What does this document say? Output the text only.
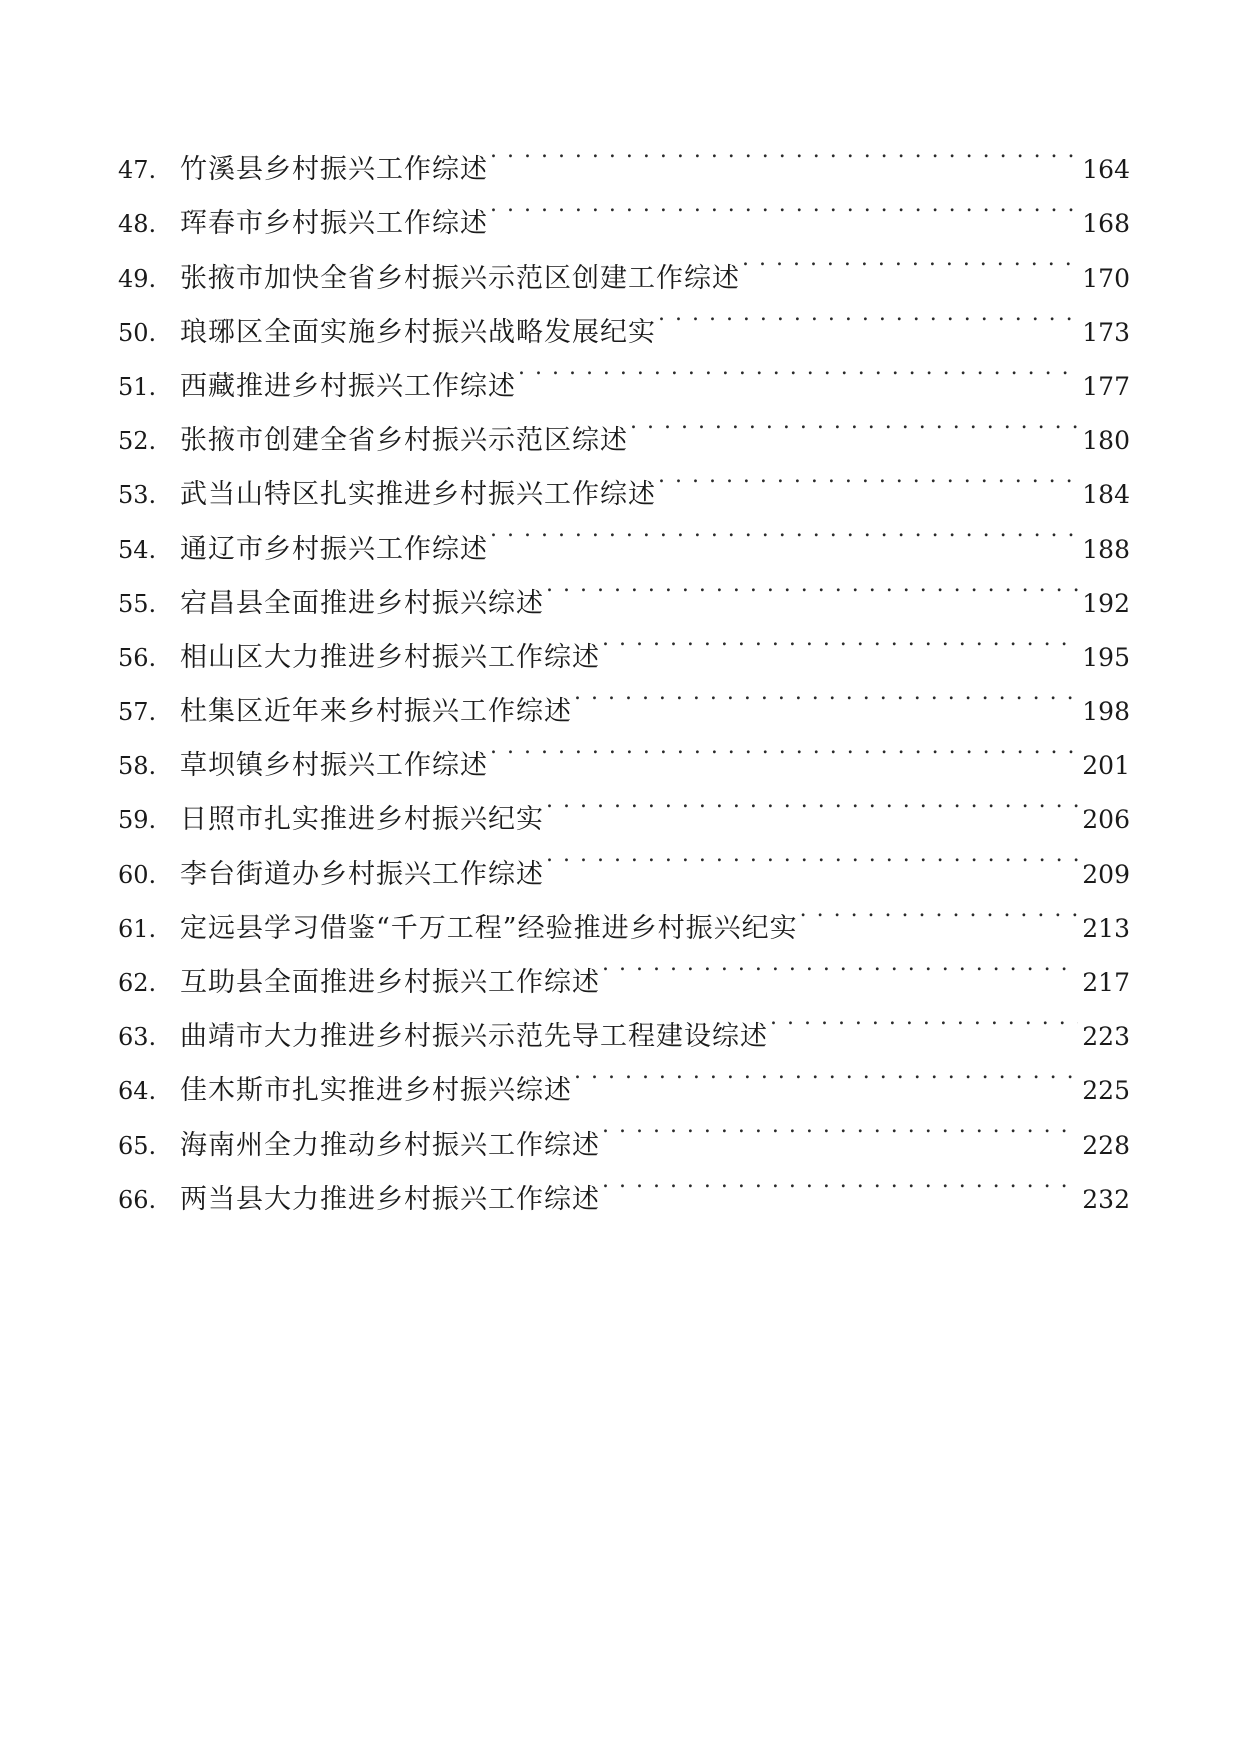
47. 竹溪县乡村振兴工作综述 . . .	164
48. 珲春市乡村振兴工作综述 . . .	168
49. 张掖市加快全省乡村振兴示范区创建工作综述 . . .	170
50. 琅琊区全面实施乡村振兴战略发展纪实 . . .	173
51. 西藏推进乡村振兴工作综述 . . .	177
52. 张掖市创建全省乡村振兴示范区综述 . . .	180
53. 武当山特区扎实推进乡村振兴工作综述 . . .	184
54. 通辽市乡村振兴工作综述 . . .	188
55. 宕昌县全面推进乡村振兴综述 . . .	192
56. 相山区大力推进乡村振兴工作综述 . . .	195
57. 杜集区近年来乡村振兴工作综述 . . .	198
58. 草坝镇乡村振兴工作综述 . . .	201
59. 日照市扎实推进乡村振兴纪实 . . .	206
60. 李台街道办乡村振兴工作综述 . . .	209
61. 定远县学习借鉴“千万工程”经验推进乡村振兴纪实 . . .	213
62. 互助县全面推进乡村振兴工作综述 . . .	217
63. 曲靖市大力推进乡村振兴示范先导工程建设综述 . . .	223
64. 佳木斯市扎实推进乡村振兴综述 . . .	225
65. 海南州全力推动乡村振兴工作综述 . . .	228
66. 两当县大力推进乡村振兴工作综述 . . .	232
